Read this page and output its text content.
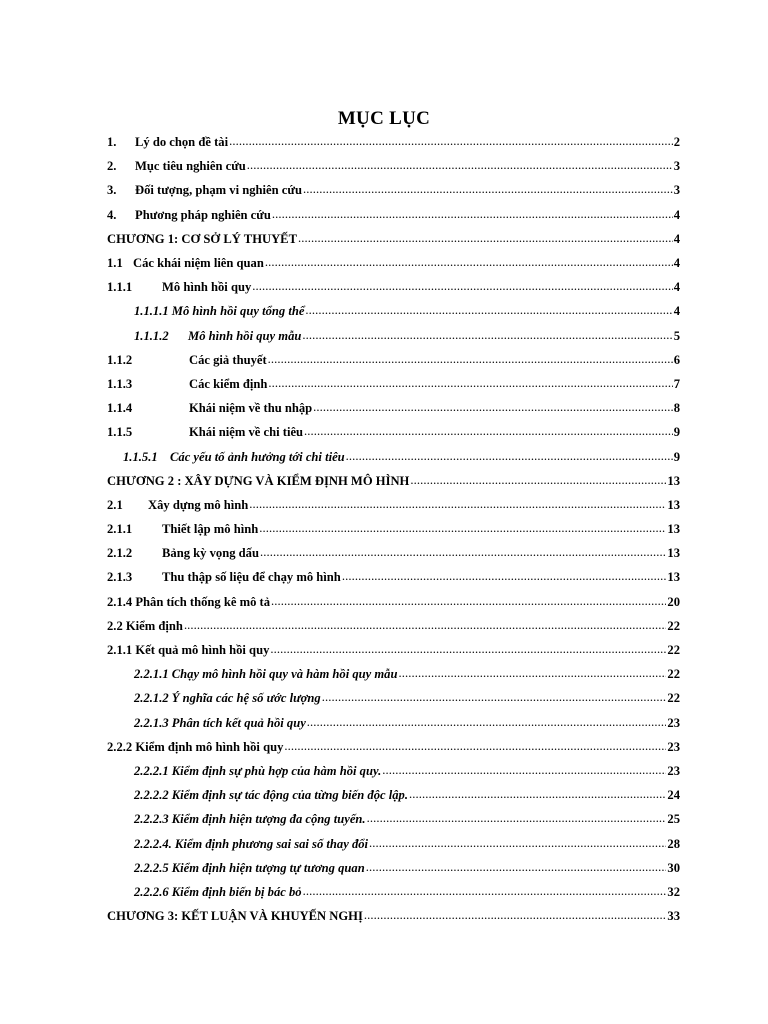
MỤC LỤC
1.	Lý do chọn đề tài .....	2
2.	Mục tiêu nghiên cứu .....	3
3.	Đối tượng, phạm vi nghiên cứu .....	3
4.	Phương pháp nghiên cứu .....	4
CHƯƠNG 1: CƠ SỞ LÝ THUYẾT .....	4
1.1 Các khái niệm liên quan .....	4
1.1.1	Mô hình hồi quy .....	4
1.1.1.1 Mô hình hồi quy tổng thể .....	4
1.1.1.2	Mô hình hồi quy mẫu .....	5
1.1.2	Các giả thuyết .....	6
1.1.3	Các kiểm định .....	7
1.1.4	Khái niệm về thu nhập .....	8
1.1.5	Khái niệm về chi tiêu .....	9
1.1.5.1 Các yếu tố ảnh hưởng tới chi tiêu .....	9
CHƯƠNG 2 : XÂY DỰNG VÀ KIỂM ĐỊNH MÔ HÌNH .....	13
2.1	Xây dựng mô hình .....	13
2.1.1	Thiết lập mô hình .....	13
2.1.2	Bảng kỳ vọng dấu .....	13
2.1.3	Thu thập số liệu để chạy mô hình .....	13
2.1.4 Phân tích thống kê mô tả .....	20
2.2 Kiểm định .....	22
2.1.1 Kết quả mô hình hồi quy .....	22
2.2.1.1 Chạy mô hình hồi quy và hàm hồi quy mẫu .....	22
2.2.1.2 Ý nghĩa các hệ số ước lượng .....	22
2.2.1.3 Phân tích kết quả hồi quy .....	23
2.2.2 Kiểm định mô hình hồi quy .....	23
2.2.2.1 Kiểm định sự phù hợp của hàm hồi quy. .....	23
2.2.2.2 Kiểm định sự tác động của từng biến độc lập. .....	24
2.2.2.3 Kiểm định hiện tượng đa cộng tuyến. .....	25
2.2.2.4. Kiểm định phương sai sai số thay đổi .....	28
2.2.2.5 Kiểm định hiện tượng tự tương quan .....	30
2.2.2.6 Kiểm định biến bị bác bỏ .....	32
CHƯƠNG 3: KẾT LUẬN VÀ KHUYẾN NGHỊ .....	33
